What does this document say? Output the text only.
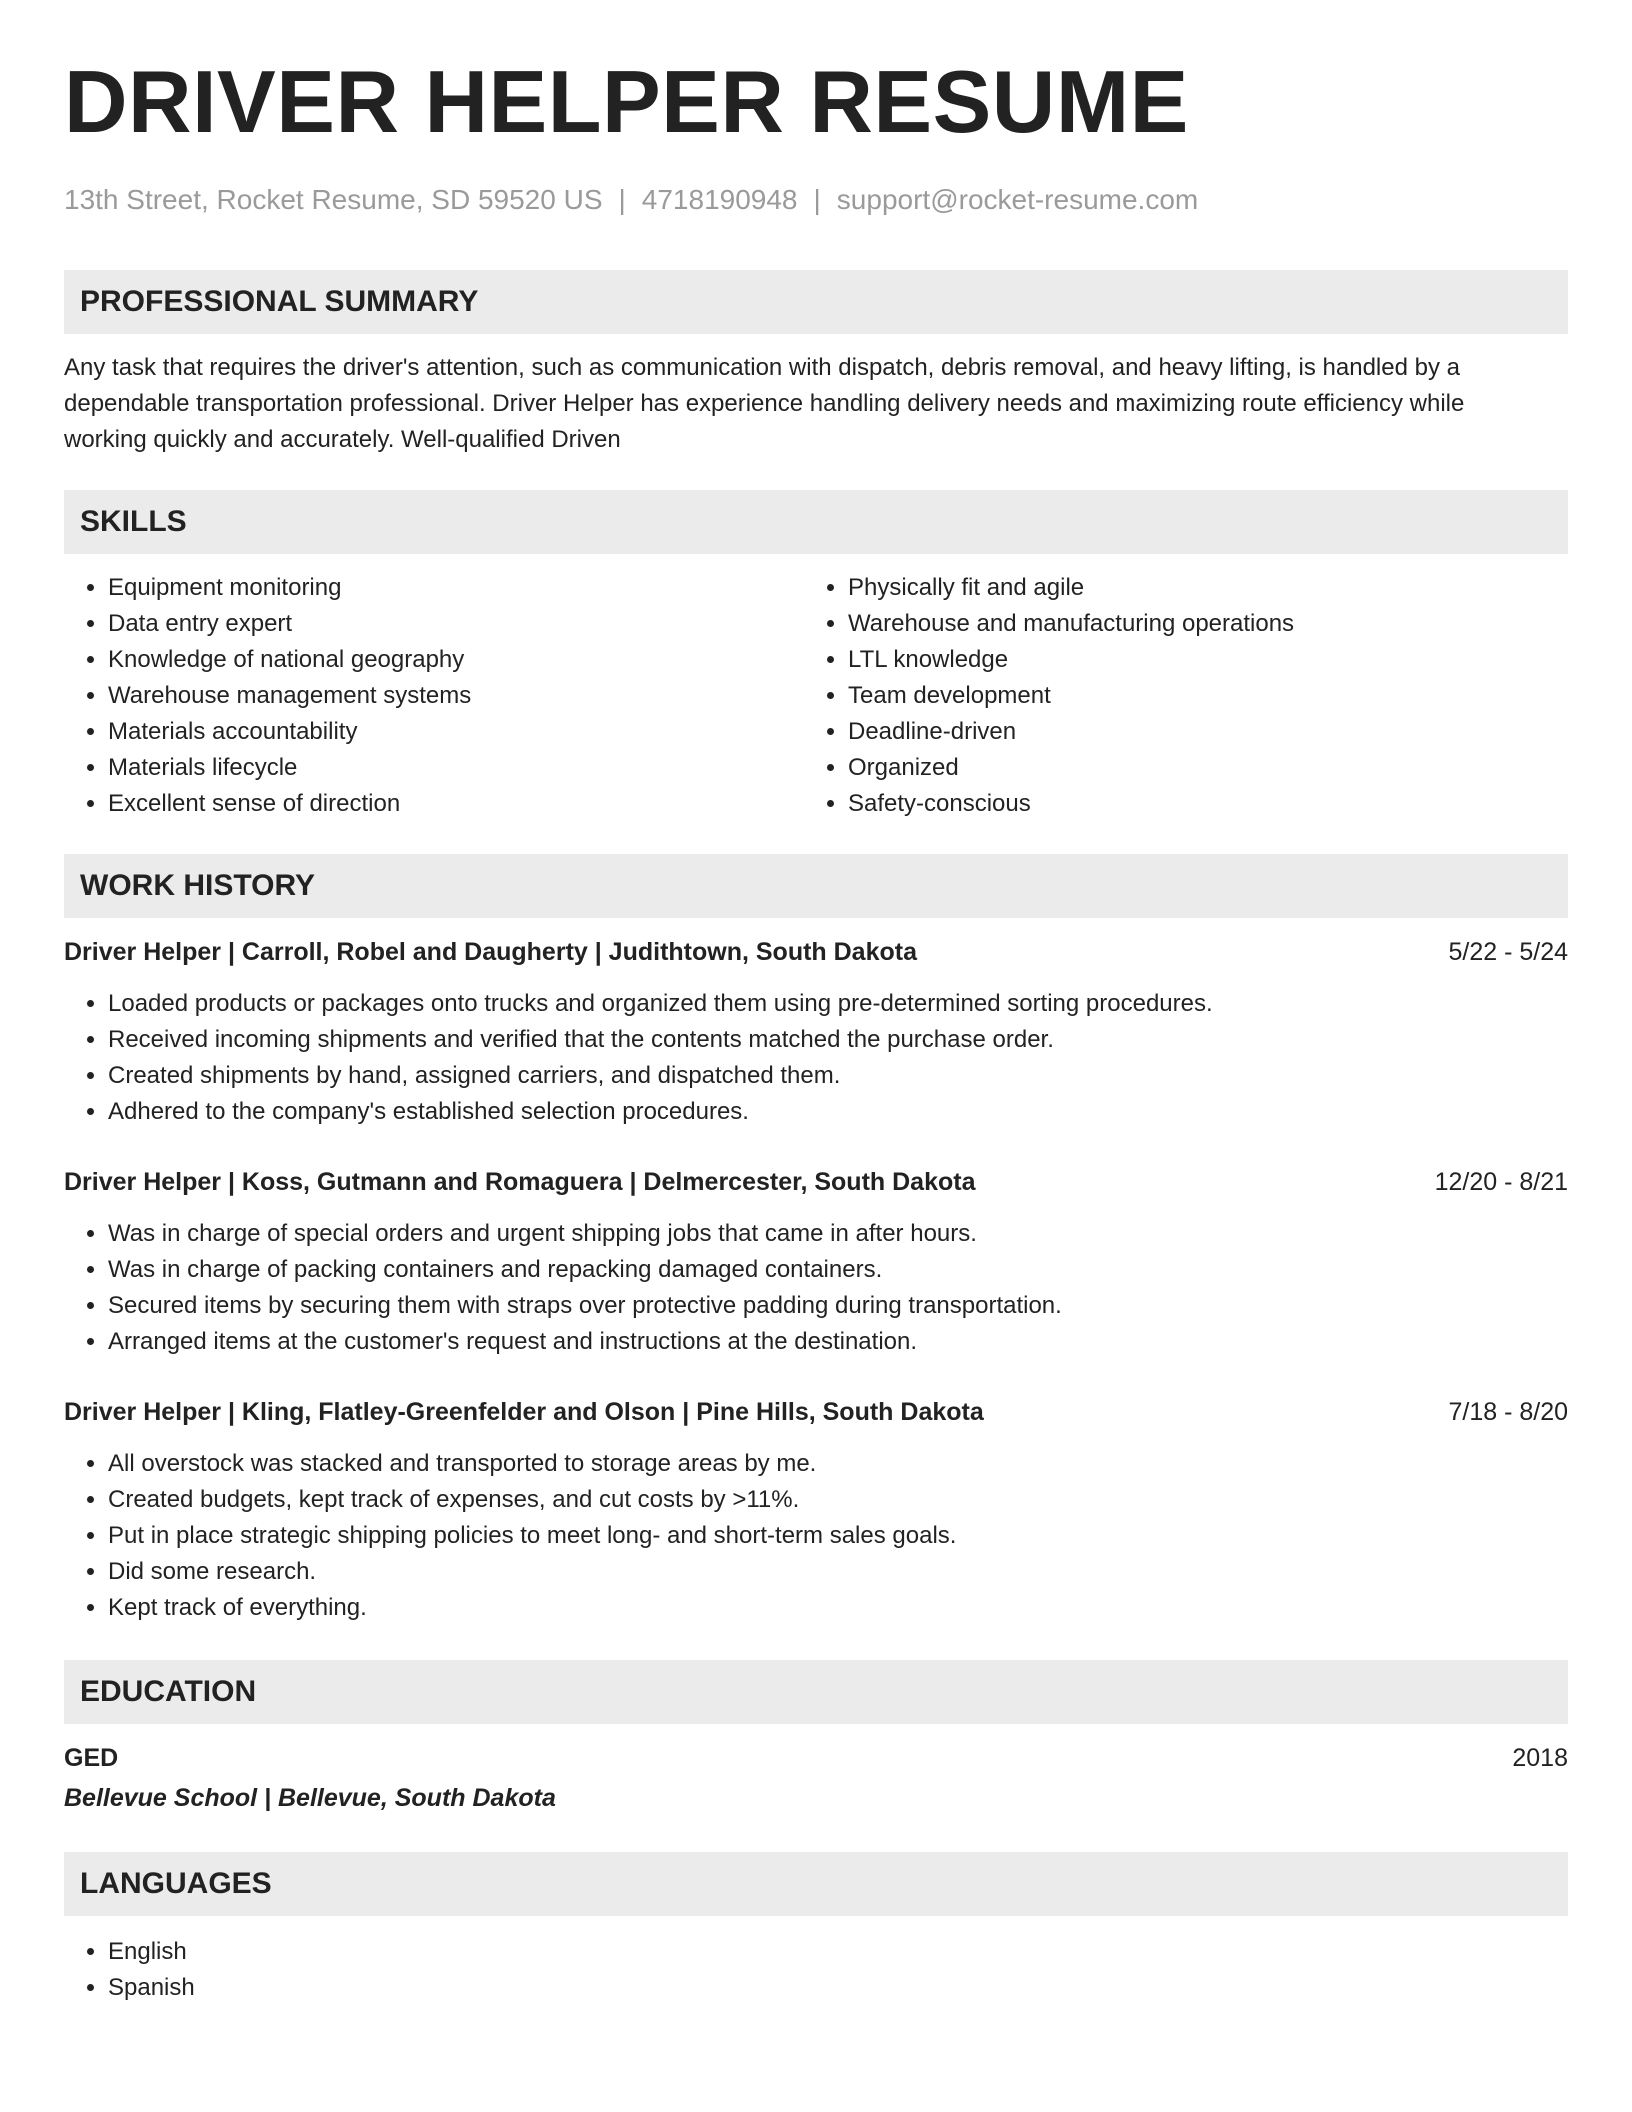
DRIVER HELPER RESUME
13th Street, Rocket Resume, SD 59520 US | 4718190948 | support@rocket-resume.com
PROFESSIONAL SUMMARY

Any task that requires the driver's attention, such as communication with dispatch, debris removal, and heavy lifting, is handled by a dependable transportation professional. Driver Helper has experience handling delivery needs and maximizing route efficiency while working quickly and accurately. Well-qualified Driven

SKILLS
• Equipment monitoring
• Data entry expert
• Knowledge of national geography
• Warehouse management systems
• Materials accountability
• Materials lifecycle
• Excellent sense of direction
• Physically fit and agile
• Warehouse and manufacturing operations
• LTL knowledge
• Team development
• Deadline-driven
• Organized
• Safety-conscious
WORK HISTORY
Driver Helper | Carroll, Robel and Daugherty | Judithtown, South Dakota	5/22 - 5/24
• Loaded products or packages onto trucks and organized them using pre-determined sorting procedures.
• Received incoming shipments and verified that the contents matched the purchase order.
• Created shipments by hand, assigned carriers, and dispatched them.
• Adhered to the company's established selection procedures.
Driver Helper | Koss, Gutmann and Romaguera | Delmercester, South Dakota	12/20 - 8/21
• Was in charge of special orders and urgent shipping jobs that came in after hours.
• Was in charge of packing containers and repacking damaged containers.
• Secured items by securing them with straps over protective padding during transportation.
• Arranged items at the customer's request and instructions at the destination.
Driver Helper | Kling, Flatley-Greenfelder and Olson | Pine Hills, South Dakota	7/18 - 8/20
• All overstock was stacked and transported to storage areas by me.
• Created budgets, kept track of expenses, and cut costs by >11%.
• Put in place strategic shipping policies to meet long- and short-term sales goals.
• Did some research.
• Kept track of everything.
EDUCATION
GED	2018
Bellevue School | Bellevue, South Dakota
LANGUAGES
• English
• Spanish
